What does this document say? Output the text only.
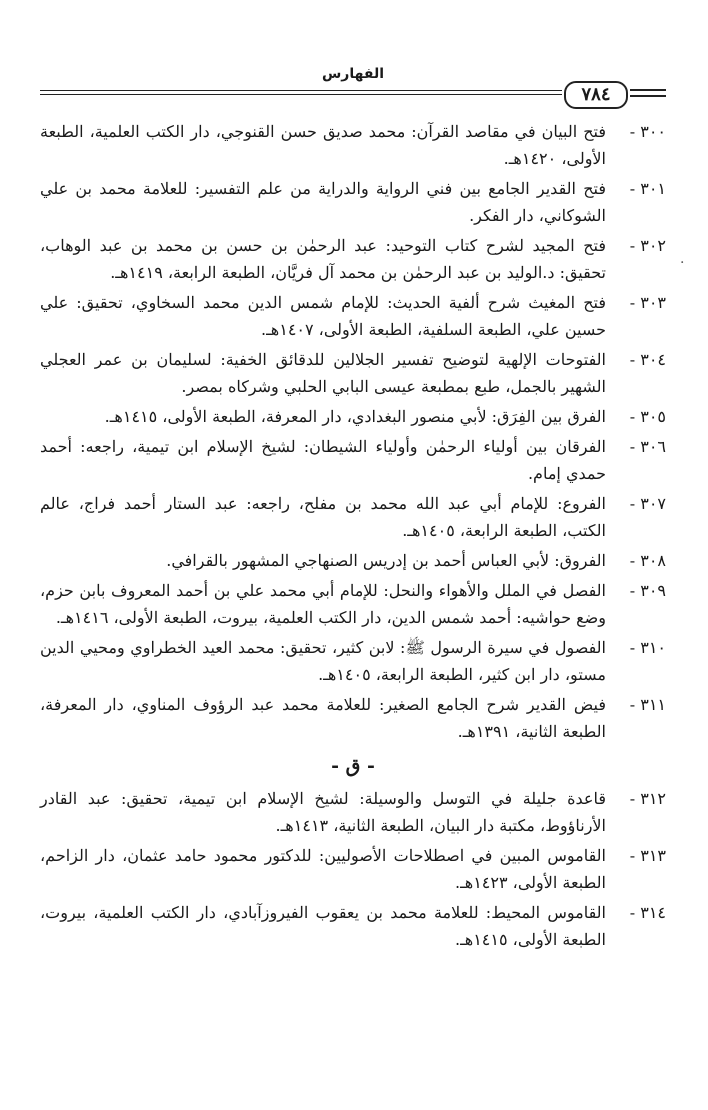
الفهارس
٧٨٤
·
٣٠٠ -
فتح البيان في مقاصد القرآن: محمد صديق حسن القنوجي، دار الكتب العلمية، الطبعة الأولى، ١٤٢٠هـ.
٣٠١ -
فتح القدير الجامع بين فني الرواية والدراية من علم التفسير: للعلامة محمد بن علي الشوكاني، دار الفكر.
٣٠٢ -
فتح المجيد لشرح كتاب التوحيد: عبد الرحمٰن بن حسن بن محمد بن عبد الوهاب، تحقيق: د.الوليد بن عبد الرحمٰن بن محمد آل فريَّان، الطبعة الرابعة، ١٤١٩هـ.
٣٠٣ -
فتح المغيث شرح ألفية الحديث: للإمام شمس الدين محمد السخاوي، تحقيق: علي حسين علي، الطبعة السلفية، الطبعة الأولى، ١٤٠٧هـ.
٣٠٤ -
الفتوحات الإلهية لتوضيح تفسير الجلالين للدقائق الخفية: لسليمان بن عمر العجلي الشهير بالجمل، طبع بمطبعة عيسى البابي الحلبي وشركاه بمصر.
٣٠٥ -
الفرق بين الفِرَق: لأبي منصور البغدادي، دار المعرفة، الطبعة الأولى، ١٤١٥هـ.
٣٠٦ -
الفرقان بين أولياء الرحمٰن وأولياء الشيطان: لشيخ الإسلام ابن تيمية، راجعه: أحمد حمدي إمام.
٣٠٧ -
الفروع: للإمام أبي عبد الله محمد بن مفلح، راجعه: عبد الستار أحمد فراج، عالم الكتب، الطبعة الرابعة، ١٤٠٥هـ.
٣٠٨ -
الفروق: لأبي العباس أحمد بن إدريس الصنهاجي المشهور بالقرافي.
٣٠٩ -
الفصل في الملل والأهواء والنحل: للإمام أبي محمد علي بن أحمد المعروف بابن حزم، وضع حواشيه: أحمد شمس الدين، دار الكتب العلمية، بيروت، الطبعة الأولى، ١٤١٦هـ.
٣١٠ -
الفصول في سيرة الرسول ﷺ: لابن كثير، تحقيق: محمد العيد الخطراوي ومحيي الدين مستو، دار ابن كثير، الطبعة الرابعة، ١٤٠٥هـ.
٣١١ -
فيض القدير شرح الجامع الصغير: للعلامة محمد عبد الرؤوف المناوي، دار المعرفة، الطبعة الثانية، ١٣٩١هـ.
- ق -
٣١٢ -
قاعدة جليلة في التوسل والوسيلة: لشيخ الإسلام ابن تيمية، تحقيق: عبد القادر الأرناؤوط، مكتبة دار البيان، الطبعة الثانية، ١٤١٣هـ.
٣١٣ -
القاموس المبين في اصطلاحات الأصوليين: للدكتور محمود حامد عثمان، دار الزاحم، الطبعة الأولى، ١٤٢٣هـ.
٣١٤ -
القاموس المحيط: للعلامة محمد بن يعقوب الفيروزآبادي، دار الكتب العلمية، بيروت، الطبعة الأولى، ١٤١٥هـ.
